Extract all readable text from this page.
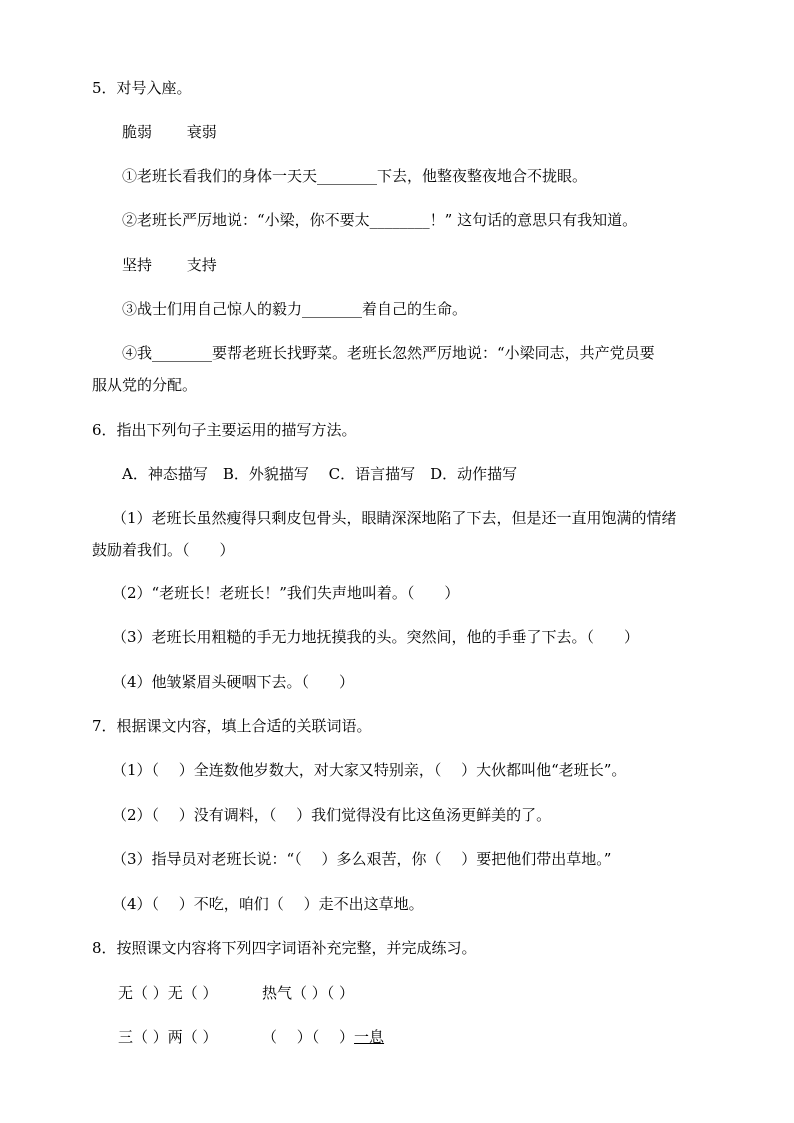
5．对号入座。
脆弱　　 衰弱
①老班长看我们的身体一天天________下去，他整夜整夜地合不拢眼。
②老班长严厉地说：“小梁，你不要太________！” 这句话的意思只有我知道。
坚持　　 支持
③战士们用自己惊人的毅力________着自己的生命。
④我________要帮老班长找野菜。老班长忽然严厉地说：“小梁同志，共产党员要
服从党的分配。
6．指出下列句子主要运用的描写方法。
A．神态描写　B．外貌描写　 C．语言描写　D．动作描写
（1）老班长虽然瘦得只剩皮包骨头，眼睛深深地陷了下去，但是还一直用饱满的情绪
鼓励着我们。（　　）
（2）“老班长！老班长！”我们失声地叫着。（　　）
（3）老班长用粗糙的手无力地抚摸我的头。突然间，他的手垂了下去。（　　）
（4）他皱紧眉头硬咽下去。（　　）
7．根据课文内容，填上合适的关联词语。
（1）（　 ）全连数他岁数大，对大家又特别亲，（　 ）大伙都叫他“老班长”。
（2）（　 ）没有调料，（　 ）我们觉得没有比这鱼汤更鲜美的了。
（3）指导员对老班长说：“（　 ）多么艰苦，你（　 ）要把他们带出草地。”
（4）（　 ）不吃，咱们（　 ）走不出这草地。
8．按照课文内容将下列四字词语补充完整，并完成练习。
无（ ）无（ ）	热气（ ）（ ）
三（ ）两（ ）	（　 ）（　 ）一息
